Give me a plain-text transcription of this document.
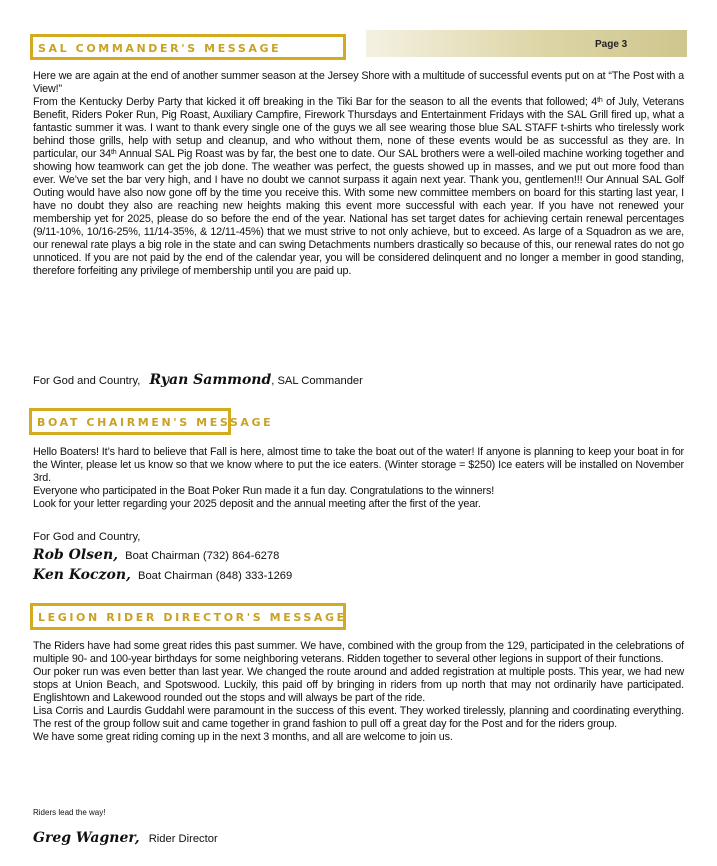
Page 3
SAL COMMANDER'S MESSAGE

Here we are again at the end of another summer season at the Jersey Shore with a multitude of successful events put on at “The Post with a View!”

From the Kentucky Derby Party that kicked it off breaking in the Tiki Bar for the season to all the events that followed; 4th of July, Veterans Benefit, Riders Poker Run, Pig Roast, Auxiliary Campfire, Firework Thursdays and Entertainment Fridays with the SAL Grill fired up, what a fantastic summer it was. I want to thank every single one of the guys we all see wearing those blue SAL STAFF t-shirts who tirelessly work behind those grills, help with setup and cleanup, and who without them, none of these events would be as successful as they are. In particular, our 34th Annual SAL Pig Roast was by far, the best one to date. Our SAL brothers were a well-oiled machine working together and showing how teamwork can get the job done. The weather was perfect, the guests showed up in masses, and we put out more food than ever. We’ve set the bar very high, and I have no doubt we cannot surpass it again next year. Thank you, gentlemen!!! Our Annual SAL Golf Outing would have also now gone off by the time you receive this. With some new committee members on board for this starting last year, I have no doubt they also are reaching new heights making this event more successful with each year. If you have not renewed your membership yet for 2025, please do so before the end of the year. National has set target dates for achieving certain renewal percentages (9/11-10%, 10/16-25%, 11/14-35%, & 12/11-45%) that we must strive to not only achieve, but to exceed. As large of a Squadron as we are, our renewal rate plays a big role in the state and can swing Detachments numbers drastically so because of this, our renewal rates do not go unnoticed. If you are not paid by the end of the calendar year, you will be considered delinquent and no longer a member in good standing, therefore forfeiting any privilege of membership until you are paid up.

For God and Country, Ryan Sammond, SAL Commander
BOAT CHAIRMEN'S MESSAGE

Hello Boaters! It’s hard to believe that Fall is here, almost time to take the boat out of the water! If anyone is planning to keep your boat in for the Winter, please let us know so that we know where to put the ice eaters. (Winter storage = $250) Ice eaters will be installed on November 3rd.

Everyone who participated in the Boat Poker Run made it a fun day. Congratulations to the winners!

Look for your letter regarding your 2025 deposit and the annual meeting after the first of the year.

For God and Country,
Rob Olsen, Boat Chairman (732) 864-6278
Ken Koczon, Boat Chairman (848) 333-1269
LEGION RIDER DIRECTOR'S MESSAGE

The Riders have had some great rides this past summer. We have, combined with the group from the 129, participated in the celebrations of multiple 90- and 100-year birthdays for some neighboring veterans. Ridden together to several other legions in support of their functions.

Our poker run was even better than last year. We changed the route around and added registration at multiple posts. This year, we had new stops at Union Beach, and Spotswood. Luckily, this paid off by bringing in riders from up north that may not ordinarily have participated. Englishtown and Lakewood rounded out the stops and will always be part of the ride.

Lisa Corris and Laurdis Guddahl were paramount in the success of this event. They worked tirelessly, planning and coordinating everything. The rest of the group follow suit and came together in grand fashion to pull off a great day for the Post and for the riders group.

We have some great riding coming up in the next 3 months, and all are welcome to join us.

Riders lead the way!
Greg Wagner, Rider Director
